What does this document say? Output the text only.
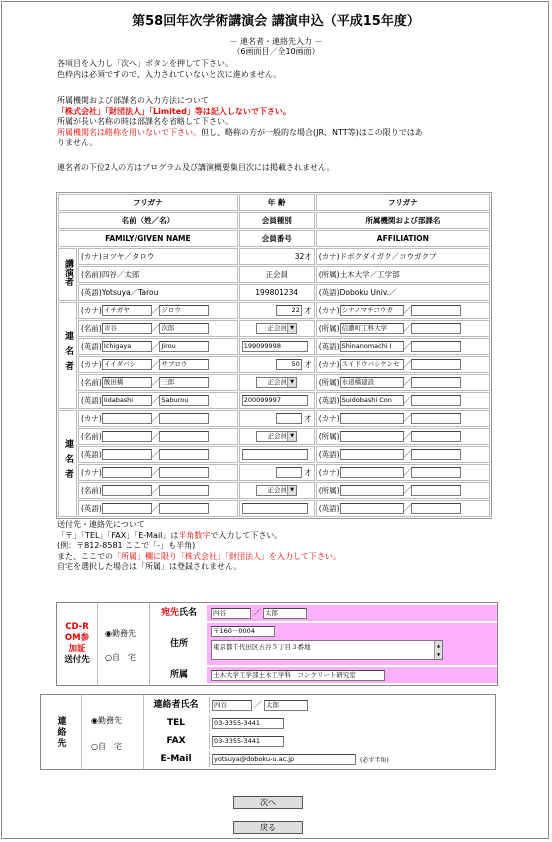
第58回年次学術講演会 講演申込（平成15年度）
－ 連名者・連絡先入力 －
（6画面目／全10画面）
各項目を入力し「次へ」ボタンを押して下さい。
色枠内は必須ですので、入力されていないと次に進めません。
所属機関および部課名の入力方法について
「株式会社」「財団法人」「Limited」等は記入しないで下さい。
所属が長い名称の時は部課名を省略して下さい。
所属機関名は略称を用いないで下さい。但し、略称の方が一般的な場合(JR、NTT等)はこの限りではあ
りません。
連名者の下位2人の方はプログラム及び講演概要集目次には掲載されません。
フリガナ		年 齢	フリガナ
名前（姓／名）		会員種別	所属機関および部課名
FAMILY/GIVEN NAME		会員番号	AFFILIATION
講演者	(カナ)ヨツヤ／タロウ	32才	(カナ)ドボクダイガク／コウガクブ
	(名前)四谷／太郎	正会員	(所属)土木大学／工学部
	(英語)Yotsuya／Tarou	199801234	(英語)Doboku Univ.／
連名者	(カナ) イチガヤ ／ ジロウ	22 才	(カナ) シナノマチコウガ ／
	(名前) 市谷 ／ 次郎	正会員 ▼	(所属) 信濃町工科大学 ／
	(英語) Ichigaya ／ Jirou	199099998	(英語) Shinanomachi I ／
	(カナ) イイダバシ ／ サブロウ	50 才	(カナ) スイドウバシケンセ ／
	(名前) 飯田橋 ／ 三郎	正会員 ▼	(所属) 水道橋建設 ／
	(英語) Iidabashi ／ Saburou	200099997	(英語) Suidobashi Con ／
連名者	(カナ) ／	才	(カナ) ／
	(名前) ／	正会員 ▼	(所属) ／
	(英語) ／		(英語) ／
	(カナ) ／	才	(カナ) ／
	(名前) ／	正会員 ▼	(所属) ／
	(英語) ／		(英語) ／
送付先・連絡先について
「〒」「TEL」「FAX」「E-Mail」は半角数字で入力して下さい。
(例：〒812-8581 ここで「-」も半角)
また、ここでの「所属」欄に限り「株式会社」「財団法人」を入力して下さい。
自宅を選択した場合は「所属」は登録されません。
CD-ROM参加証
送付先
◉勤務先
○自　宅
宛先氏名	四谷	／ 太郎
住所
〒160－0004
東京都千代田区五谷５丁目３番地	▲
▼
所属	土木大学工学部土木工学科　コンクリート研究室
連絡先	◉勤務先
○自　宅
連絡者氏名	四谷	／ 太郎
TEL	03-3355-3441
FAX	03-3355-3441
E-Mail	yotsuya@doboku-u.ac.jp	(必ず半角)
次へ
戻る
